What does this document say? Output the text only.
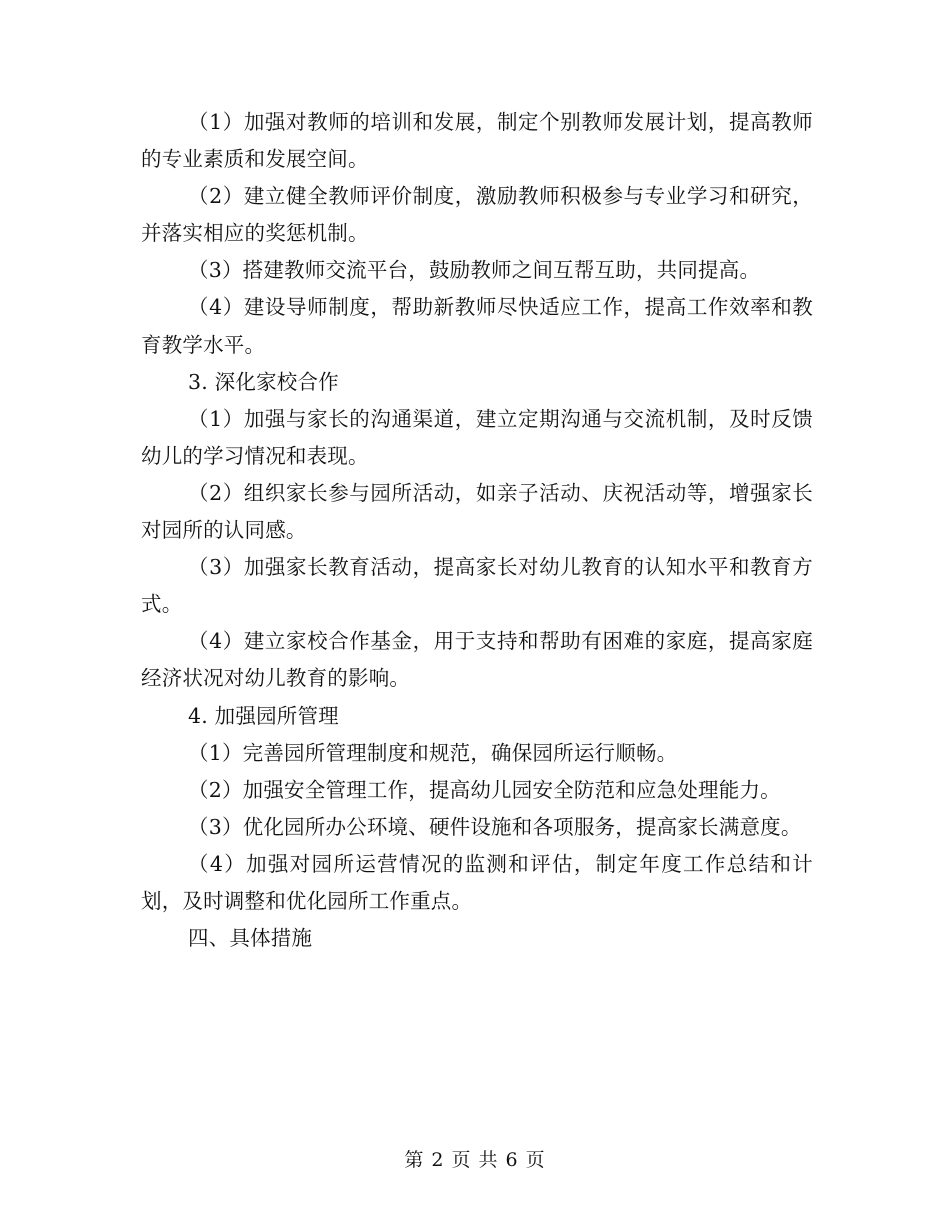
（1）加强对教师的培训和发展，制定个别教师发展计划，提高教师的专业素质和发展空间。

（2）建立健全教师评价制度，激励教师积极参与专业学习和研究，并落实相应的奖惩机制。

（3）搭建教师交流平台，鼓励教师之间互帮互助，共同提高。

（4）建设导师制度，帮助新教师尽快适应工作，提高工作效率和教育教学水平。

3. 深化家校合作

（1）加强与家长的沟通渠道，建立定期沟通与交流机制，及时反馈幼儿的学习情况和表现。

（2）组织家长参与园所活动，如亲子活动、庆祝活动等，增强家长对园所的认同感。

（3）加强家长教育活动，提高家长对幼儿教育的认知水平和教育方式。

（4）建立家校合作基金，用于支持和帮助有困难的家庭，提高家庭经济状况对幼儿教育的影响。

4. 加强园所管理

（1）完善园所管理制度和规范，确保园所运行顺畅。

（2）加强安全管理工作，提高幼儿园安全防范和应急处理能力。

（3）优化园所办公环境、硬件设施和各项服务，提高家长满意度。

（4）加强对园所运营情况的监测和评估，制定年度工作总结和计划，及时调整和优化园所工作重点。

四、具体措施

第 2 页 共 6 页
